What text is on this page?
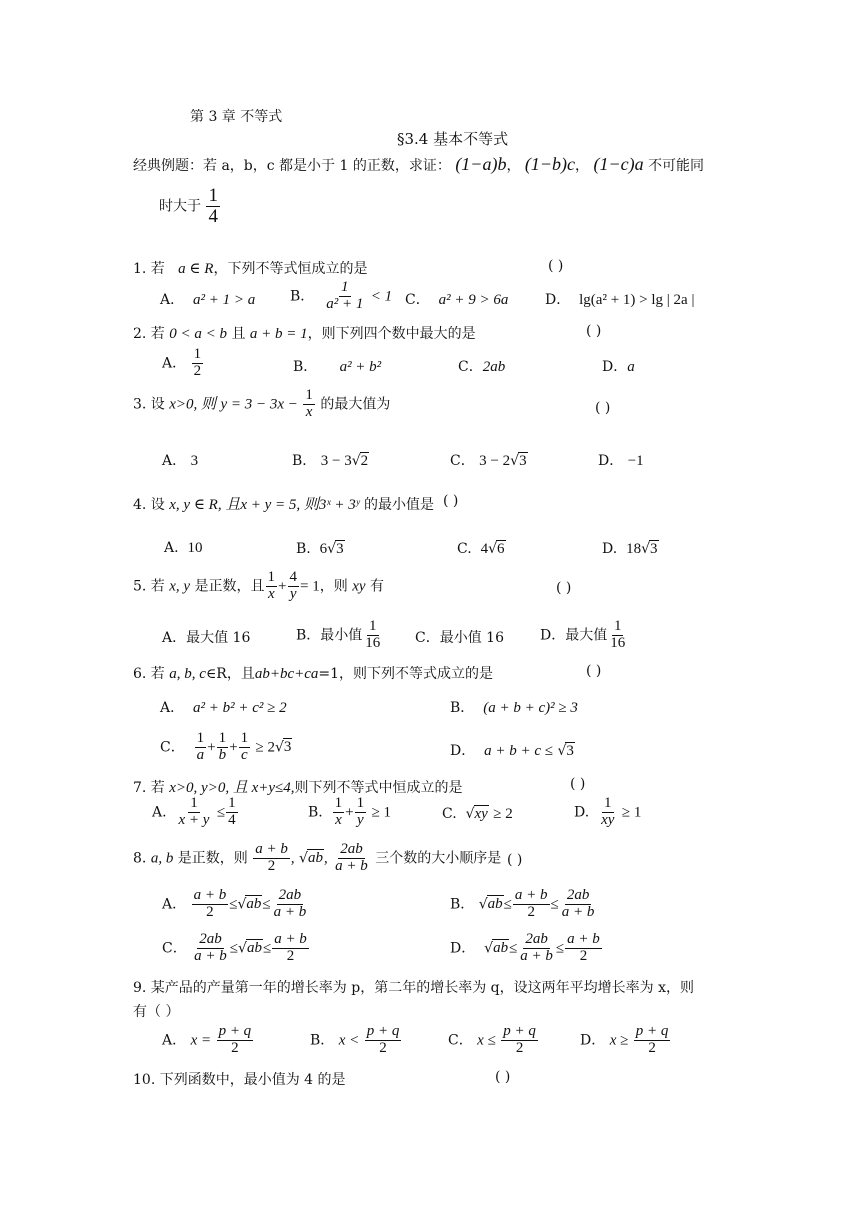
第 3 章 不等式
§3.4 基本不等式
经典例题：若 a，b，c 都是小于 1 的正数，求证： (1−a)b， (1−b)c， (1−c)a 不可能同
时大于 $\frac{1}{4}$
1. 若 a ∈ R，下列不等式恒成立的是	( )
A． a² + 1 > a B． $\frac{1}{\text{a² + 1}} < 1$ C． a² + 9 > 6a	D． lg(a² + 1) > lg | 2a |
2. 若 0 < a < b 且 a + b = 1，则下列四个数中最大的是	( )
A． $\frac{1}{2}$	B． a² + b²	C．2ab	D．a
3. 设 x>0, 则 $y = 3 - 3x - \frac{1}{x}$ 的最大值为	( )
A． 3	B． 3 − 3√2	C． 3 − 2√3	D． −1
4. 设 x, y ∈ R, 且x + y = 5, 则3ˣ + 3ʸ 的最小值是 ( )
A. 10	B. 6√3	C. 4√6	D. 18√3
5. 若 x, y 是正数，且 $\frac{1}{x} + \frac{4}{y} = 1$，则 xy 有	( )
A．最大值 16	B．最小值 $\frac{1}{16}$ C．最小值 16	D．最大值 $\frac{1}{16}$
6. 若 a, b, c∈R，且ab+bc+ca=1，则下列不等式成立的是	( )
A． a² + b² + c² ≥ 2	B． (a + b + c)² ≥ 3
C． $\frac{1}{a} + \frac{1}{b} + \frac{1}{c} \ge 2√3$	D． a + b + c ≤ √3
7. 若 x>0, y>0, 且 x+y≤4,则下列不等式中恒成立的是	( )
A. $\frac{1}{x + y} \le \frac{1}{4}$	B. $\frac{1}{x} + \frac{1}{y} \ge 1$	C. √xy ≥ 2	D. $\frac{1}{xy} \ge 1$
8. a, b 是正数，则 $\frac{a + b}{2}$ , √ab, $\frac{2ab}{a + b}$ 三个数的大小顺序是 ( )
A． $\frac{a + b}{2} \le√ab\le \frac{2ab}{a + b}$	B． $√ab\le \frac{a + b}{2} \le \frac{2ab}{a + b}$
C． $\frac{2ab}{a + b} \le√ab\le \frac{a + b}{2}$	D． $√ab\le \frac{2ab}{a + b} \le \frac{a + b}{2}$
9. 某产品的产量第一年的增长率为 p，第二年的增长率为 q，设这两年平均增长率为 x，则
有（ ）
A． $x = \frac{p + q}{2}$	B． $x < \frac{p + q}{2}$	C． $x \le \frac{p + q}{2}$	D． $x \ge \frac{p + q}{2}$
10. 下列函数中，最小值为 4 的是	( )
